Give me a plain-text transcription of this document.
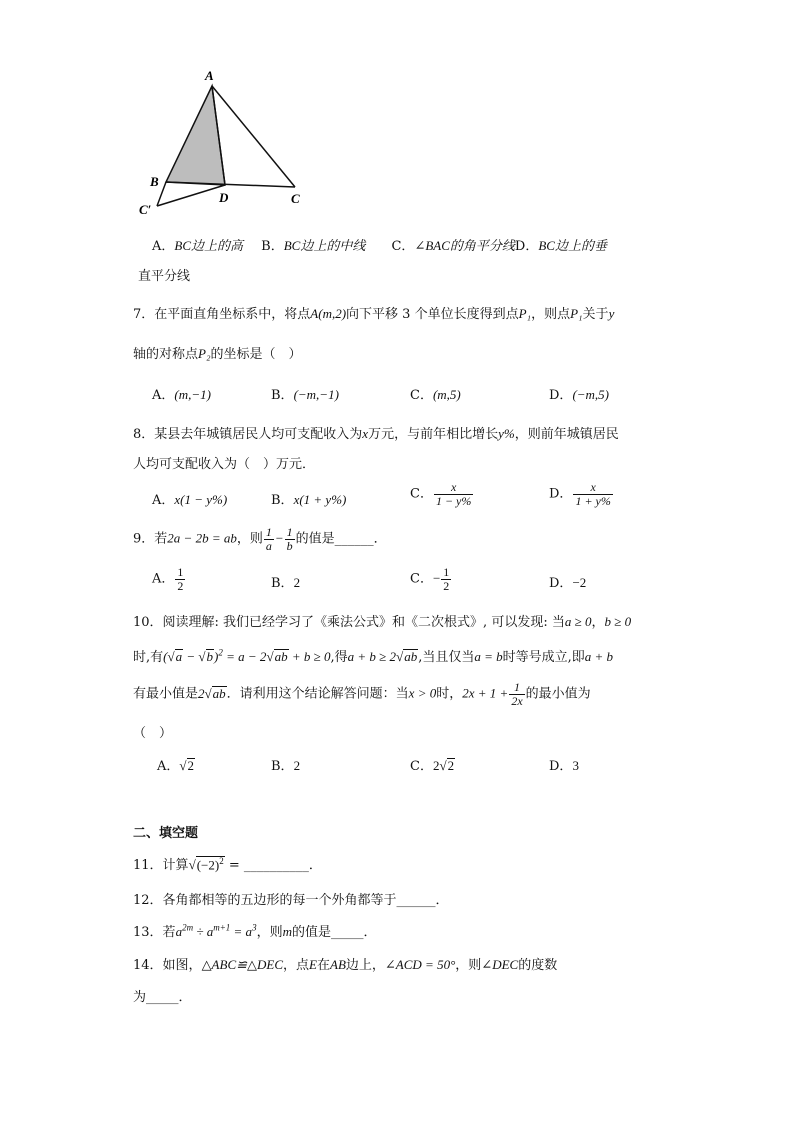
A
B
D	C
C′
A．BC边上的高 B．BC边上的中线 C．∠BAC的角平分线D．BC边上的垂
直平分线
7．在平面直角坐标系中，将点A(m,2)向下平移 3 个单位长度得到点P₁，则点P₁关于y
轴的对称点P₂的坐标是（　）
A．(m,−1)	B．(−m,−1)	C．(m,5)	D．(−m,5)
8．某县去年城镇居民人均可支配收入为x万元，与前年相比增长y%，则前年城镇居民
人均可支配收入为（　）万元．
A．x(1 − y%)	B．x(1 + y%)	C． $\frac{x}{1 - y\%}$	D． $\frac{x}{1 + y\%}$
9．若2a − 2b = ab，则 $\frac{1}{a} - \frac{1}{b}$ 的值是______．
A． $\frac{1}{2}$	B．2	C．− $\frac{1}{2}$	D．−2
10．阅读理解: 我们已经学习了《乘法公式》和《二次根式》, 可以发现: 当a ≥ 0，b ≥ 0
时,有$(√a - √b)^2 = a - 2√ab + b \ge 0$,得a + b ≥ 2√ab,当且仅当a = b时等号成立,即a + b
有最小值是2√ab．请利用这个结论解答问题：当x > 0时，$2x + 1 + \frac{1}{2x}$ 的最小值为
（　）
A．√2	B．2	C．2√2	D．3
二、填空题
11．计算$√(-2)^2$ = __________．
12．各角都相等的五边形的每一个外角都等于______．
13．若$a^{2m} \div a^{m+1} = a^3$，则m的值是_____．
14．如图，△ABC≌△DEC，点E在AB边上，∠ACD = 50°，则∠DEC的度数
为_____．
